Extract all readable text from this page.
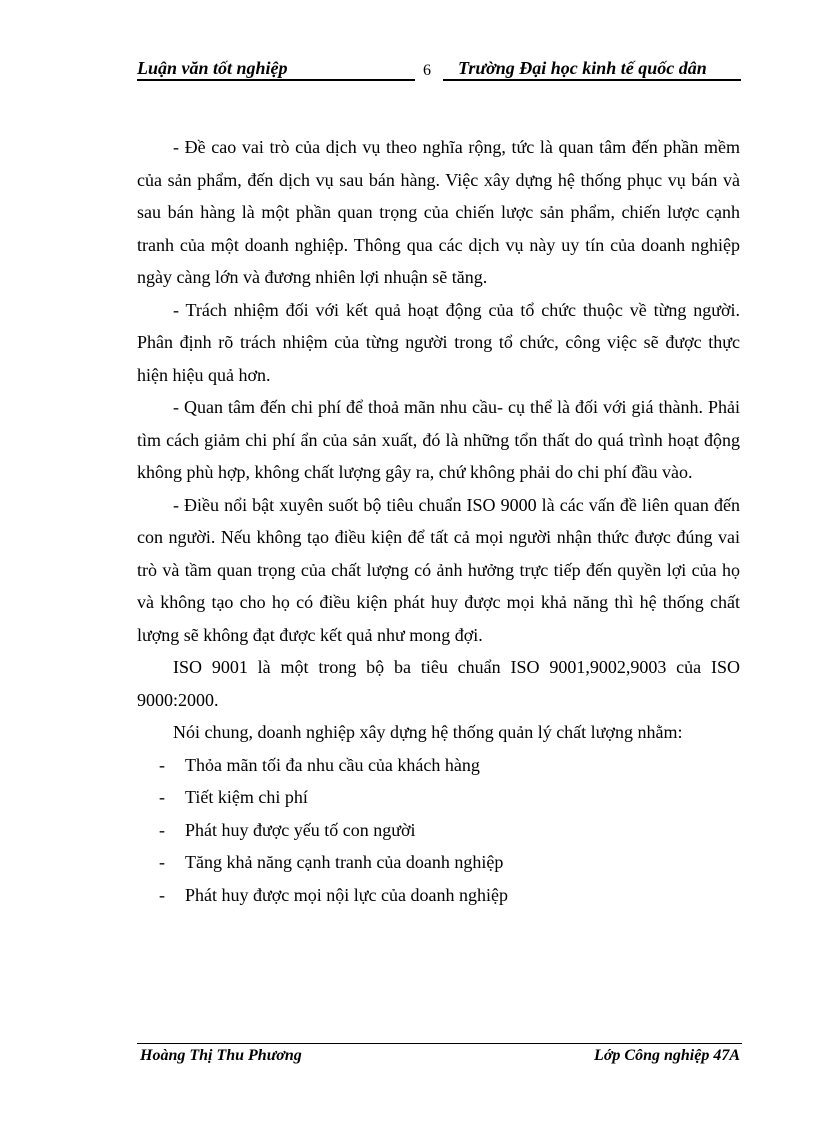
Luận văn tốt nghiệp	6 Trường Đại học kinh tế quốc dân

- Đề cao vai trò của dịch vụ theo nghĩa rộng, tức là quan tâm đến phần mềm của sản phẩm, đến dịch vụ sau bán hàng. Việc xây dựng hệ thống phục vụ bán và sau bán hàng là một phần quan trọng của chiến lược sản phẩm, chiến lược cạnh tranh của một doanh nghiệp. Thông qua các dịch vụ này uy tín của doanh nghiệp ngày càng lớn và đương nhiên lợi nhuận sẽ tăng.

- Trách nhiệm đối với kết quả hoạt động của tổ chức thuộc về từng người. Phân định rõ trách nhiệm của từng người trong tổ chức, công việc sẽ được thực hiện hiệu quả hơn.

- Quan tâm đến chi phí để thoả mãn nhu cầu- cụ thể là đối với giá thành. Phải tìm cách giảm chi phí ẩn của sản xuất, đó là những tổn thất do quá trình hoạt động không phù hợp, không chất lượng gây ra, chứ không phải do chi phí đầu vào.

- Điều nổi bật xuyên suốt bộ tiêu chuẩn ISO 9000 là các vấn đề liên quan đến con người. Nếu không tạo điều kiện để tất cả mọi người nhận thức được đúng vai trò và tầm quan trọng của chất lượng có ảnh hưởng trực tiếp đến quyền lợi của họ và không tạo cho họ có điều kiện phát huy được mọi khả năng thì hệ thống chất lượng sẽ không đạt được kết quả như mong đợi.

ISO 9001 là một trong bộ ba tiêu chuẩn ISO 9001,9002,9003 của ISO 9000:2000.

Nói chung, doanh nghiệp xây dựng hệ thống quản lý chất lượng nhằm:

-	Thỏa mãn tối đa nhu cầu của khách hàng
-	Tiết kiệm chi phí
-	Phát huy được yếu tố con người
-	Tăng khả năng cạnh tranh của doanh nghiệp
-	Phát huy được mọi nội lực của doanh nghiệp
Hoàng Thị Thu Phương	Lớp Công nghiệp 47A
